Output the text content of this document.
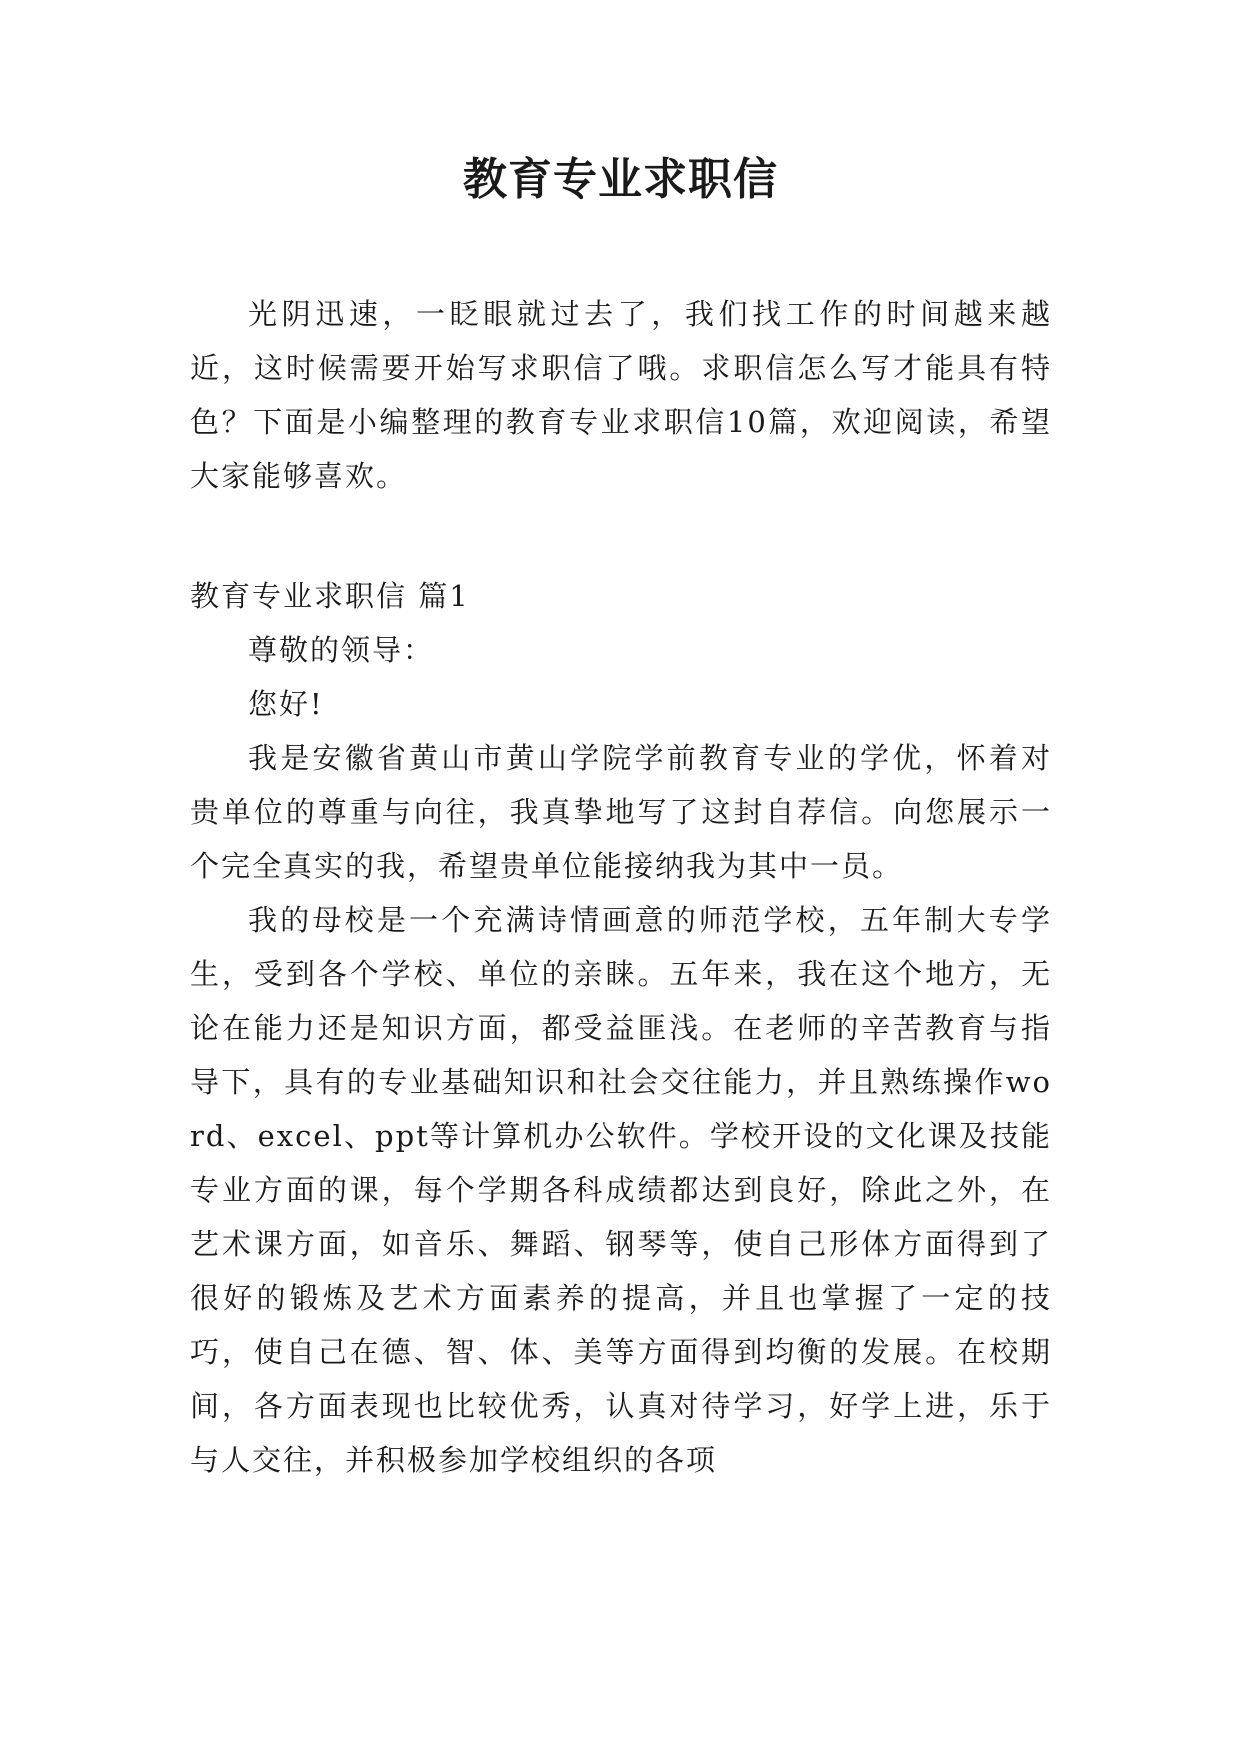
教育专业求职信

光阴迅速，一眨眼就过去了，我们找工作的时间越来越近，这时候需要开始写求职信了哦。求职信怎么写才能具有特色？下面是小编整理的教育专业求职信10篇，欢迎阅读，希望大家能够喜欢。

教育专业求职信 篇1

尊敬的领导：

您好!

我是安徽省黄山市黄山学院学前教育专业的学优，怀着对贵单位的尊重与向往，我真挚地写了这封自荐信。向您展示一个完全真实的我，希望贵单位能接纳我为其中一员。

我的母校是一个充满诗情画意的师范学校，五年制大专学生，受到各个学校、单位的亲睐。五年来，我在这个地方，无论在能力还是知识方面，都受益匪浅。在老师的辛苦教育与指导下，具有的专业基础知识和社会交往能力，并且熟练操作word、excel、ppt等计算机办公软件。学校开设的文化课及技能专业方面的课，每个学期各科成绩都达到良好，除此之外，在艺术课方面，如音乐、舞蹈、钢琴等，使自己形体方面得到了很好的锻炼及艺术方面素养的提高，并且也掌握了一定的技巧，使自己在德、智、体、美等方面得到均衡的发展。在校期间，各方面表现也比较优秀，认真对待学习，好学上进，乐于与人交往，并积极参加学校组织的各项
